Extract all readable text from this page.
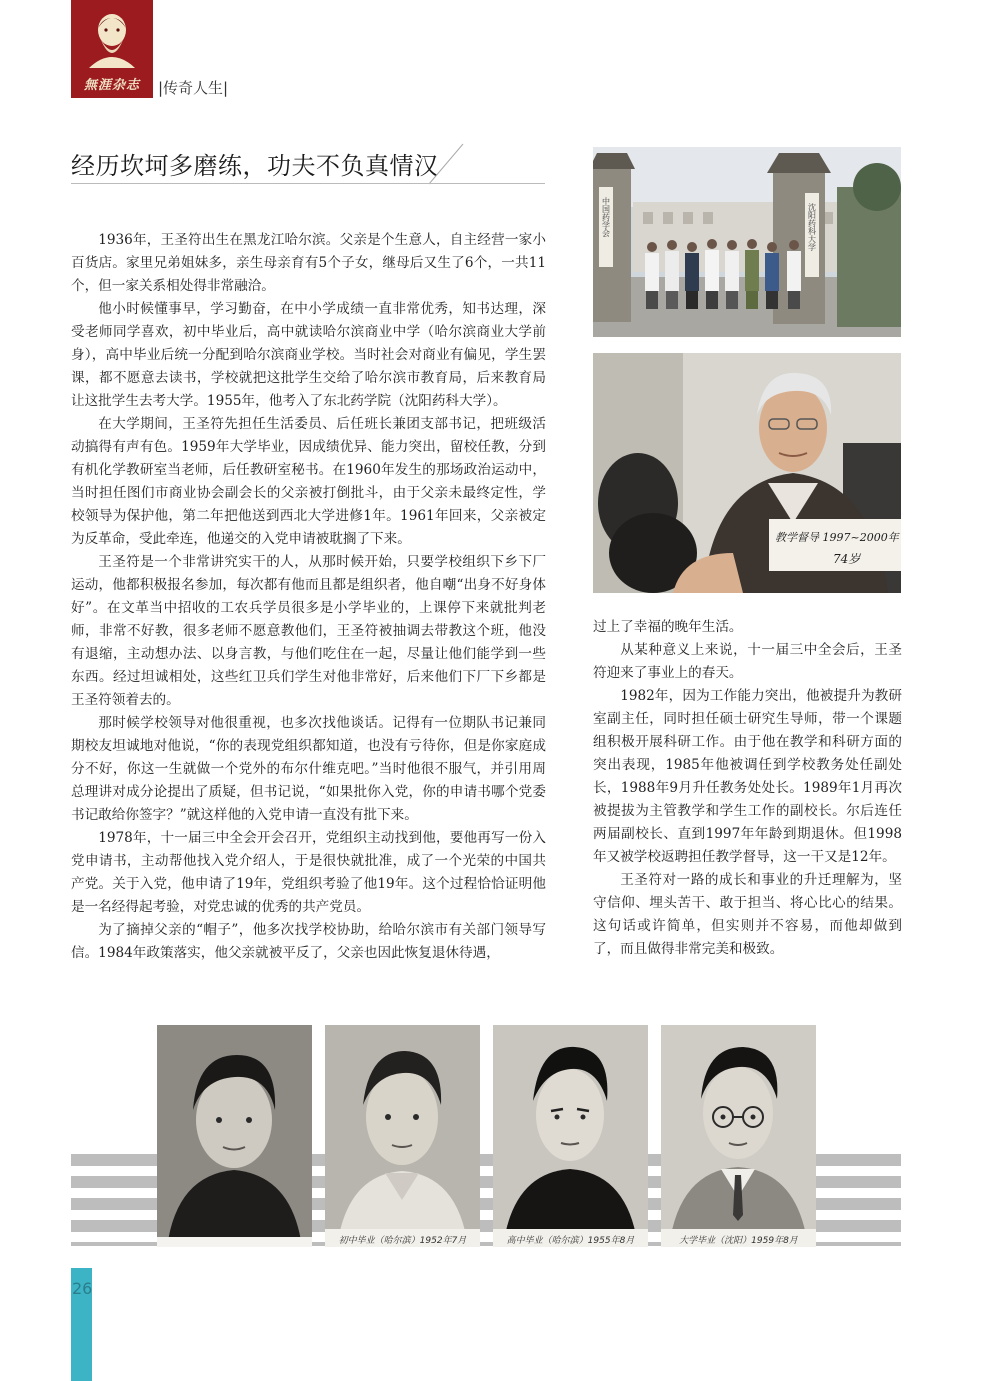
無涯杂志	|传奇人生|
经历坎坷多磨练，功夫不负真情汉

1936年，王圣符出生在黑龙江哈尔滨。父亲是个生意人，自主经营一家小百货店。家里兄弟姐妹多，亲生母亲育有5个子女，继母后又生了6个，一共11个，但一家关系相处得非常融洽。

他小时候懂事早，学习勤奋，在中小学成绩一直非常优秀，知书达理，深受老师同学喜欢，初中毕业后，高中就读哈尔滨商业中学（哈尔滨商业大学前身），高中毕业后统一分配到哈尔滨商业学校。当时社会对商业有偏见，学生罢课，都不愿意去读书，学校就把这批学生交给了哈尔滨市教育局，后来教育局让这批学生去考大学。1955年，他考入了东北药学院（沈阳药科大学）。

在大学期间，王圣符先担任生活委员、后任班长兼团支部书记，把班级活动搞得有声有色。1959年大学毕业，因成绩优异、能力突出，留校任教，分到有机化学教研室当老师，后任教研室秘书。在1960年发生的那场政治运动中，当时担任图们市商业协会副会长的父亲被打倒批斗，由于父亲未最终定性，学校领导为保护他，第二年把他送到西北大学进修1年。1961年回来，父亲被定为反革命，受此牵连，他递交的入党申请被耽搁了下来。

王圣符是一个非常讲究实干的人，从那时候开始，只要学校组织下乡下厂运动，他都积极报名参加，每次都有他而且都是组织者，他自嘲“出身不好身体好”。在文革当中招收的工农兵学员很多是小学毕业的，上课停下来就批判老师，非常不好教，很多老师不愿意教他们，王圣符被抽调去带教这个班，他没有退缩，主动想办法、以身言教，与他们吃住在一起，尽量让他们能学到一些东西。经过坦诚相处，这些红卫兵们学生对他非常好，后来他们下厂下乡都是王圣符领着去的。

那时候学校领导对他很重视，也多次找他谈话。记得有一位期队书记兼同期校友坦诚地对他说，“你的表现党组织都知道，也没有亏待你，但是你家庭成分不好，你这一生就做一个党外的布尔什维克吧。”当时他很不服气，并引用周总理讲对成分论提出了质疑，但书记说，“如果批你入党，你的申请书哪个党委书记敢给你签字？”就这样他的入党申请一直没有批下来。

1978年，十一届三中全会开会召开，党组织主动找到他，要他再写一份入党申请书，主动帮他找入党介绍人，于是很快就批准，成了一个光荣的中国共产党。关于入党，他申请了19年，党组织考验了他19年。这个过程恰恰证明他是一名经得起考验，对党忠诚的优秀的共产党员。

为了摘掉父亲的“帽子”，他多次找学校协助，给哈尔滨市有关部门领导写信。1984年政策落实，他父亲就被平反了，父亲也因此恢复退休待遇，

过上了幸福的晚年生活。

从某种意义上来说，十一届三中全会后，王圣符迎来了事业上的春天。

1982年，因为工作能力突出，他被提升为教研室副主任，同时担任硕士研究生导师，带一个课题组积极开展科研工作。由于他在教学和科研方面的突出表现，1985年他被调任到学校教务处任副处长，1988年9月升任教务处处长。1989年1月再次被提拔为主管教学和学生工作的副校长。尔后连任两届副校长、直到1997年年龄到期退休。但1998年又被学校返聘担任教学督导，这一干又是12年。

王圣符对一路的成长和事业的升迁理解为，坚守信仰、埋头苦干、敢于担当、将心比心的结果。这句话或许简单，但实则并不容易，而他却做到了，而且做得非常完美和极致。

中国药学会	沈阳药科大学
教学督导 1997~2000年
74岁
初中毕业（哈尔滨）1952年7月	高中毕业（哈尔滨）1955年8月	大学毕业（沈阳）1959年8月
26
